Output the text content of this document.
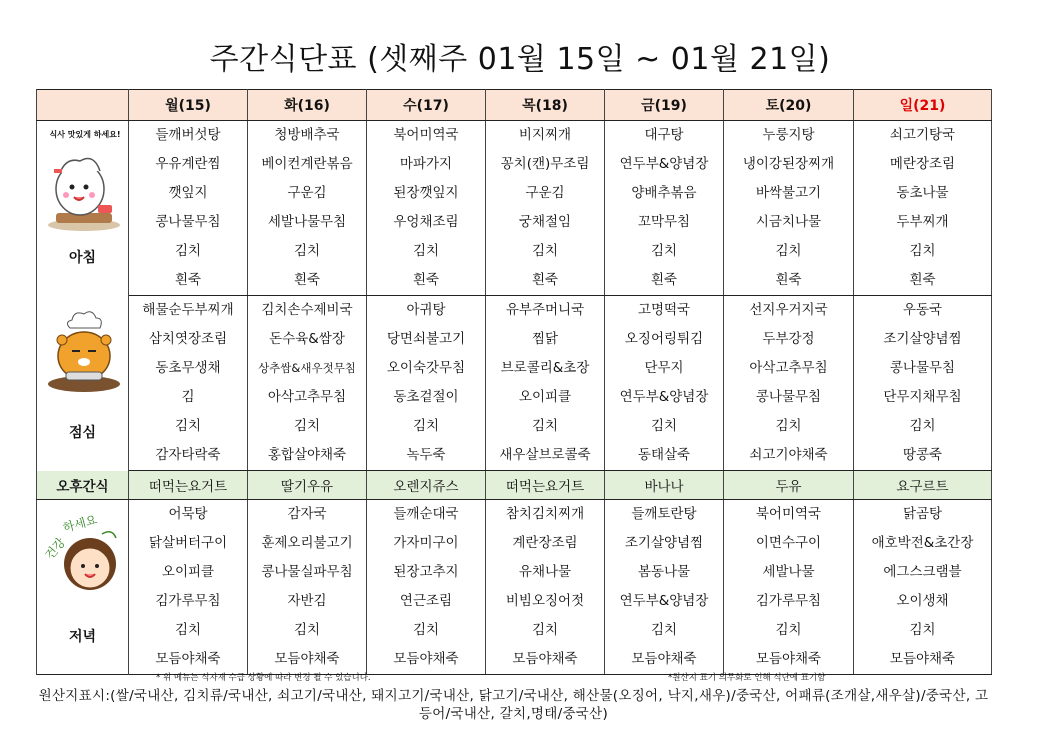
주간식단표 (셋째주 01월 15일 ~ 01월 21일)
	월(15)	화(16)	수(17)	목(18)	금(19)	토(20)	일(21)

식사 맛있게 하세요!
아침	들깨버섯탕	청방배추국	북어미역국	비지찌개	대구탕	누룽지탕	쇠고기탕국
	우유계란찜	베이컨계란볶음	마파가지	꽁치(캔)무조림	연두부&양념장	냉이강된장찌개	메란장조림
	깻잎지	구운김	된장깻잎지	구운김	양배추볶음	바싹불고기	동초나물
	콩나물무침	세발나물무침	우엉채조림	궁채절임	꼬막무침	시금치나물	두부찌개
	김치	김치	김치	김치	김치	김치	김치
	흰죽	흰죽	흰죽	흰죽	흰죽	흰죽	흰죽

점심	해물순두부찌개	김치손수제비국	아귀탕	유부주머니국	고명떡국	선지우거지국	우동국
	삼치엿장조림	돈수육&쌈장	당면쇠불고기	찜닭	오징어링튀김	두부강정	조기살양념찜
	동초무생채	상추쌈&새우젓무침	오이숙갓무침	브로콜리&초장	단무지	아삭고추무침	콩나물무침
	김	아삭고추무침	동초겉절이	오이피클	연두부&양념장	콩나물무침	단무지채무침
	김치	김치	김치	김치	김치	김치	김치
	감자타락죽	홍합살야채죽	녹두죽	새우살브로콜죽	동태살죽	쇠고기야채죽	땅콩죽
오후간식	떠먹는요거트	딸기우유	오렌지쥬스	떠먹는요거트	바나나	두유	요구르트

건강
하세요
저녁	어묵탕	감자국	들깨순대국	참치김치찌개	들깨토란탕	북어미역국	닭곰탕
	닭살버터구이	훈제오리불고기	가자미구이	계란장조림	조기살양념찜	이면수구이	애호박전&초간장
	오이피클	콩나물실파무침	된장고추지	유채나물	봄동나물	세발나물	에그스크램블
	김가루무침	자반김	연근조림	비빔오징어젓	연두부&양념장	김가루무침	오이생채
	김치	김치	김치	김치	김치	김치	김치
	모듬야채죽	모듬야채죽	모듬야채죽	모듬야채죽	모듬야채죽	모듬야채죽	모듬야채죽
* 위 메뉴는 식자재 수급 상황에 따라 변경 될 수 있습니다.	*원산지 표기 의무화로 인해 식단에 표기함
원산지표시:(쌀/국내산, 김치류/국내산, 쇠고기/국내산, 돼지고기/국내산, 닭고기/국내산, 해산물(오징어, 낙지,새우)/중국산, 어패류(조개살,새우살)/중국산, 고등어/국내산, 갈치,명태/중국산)
